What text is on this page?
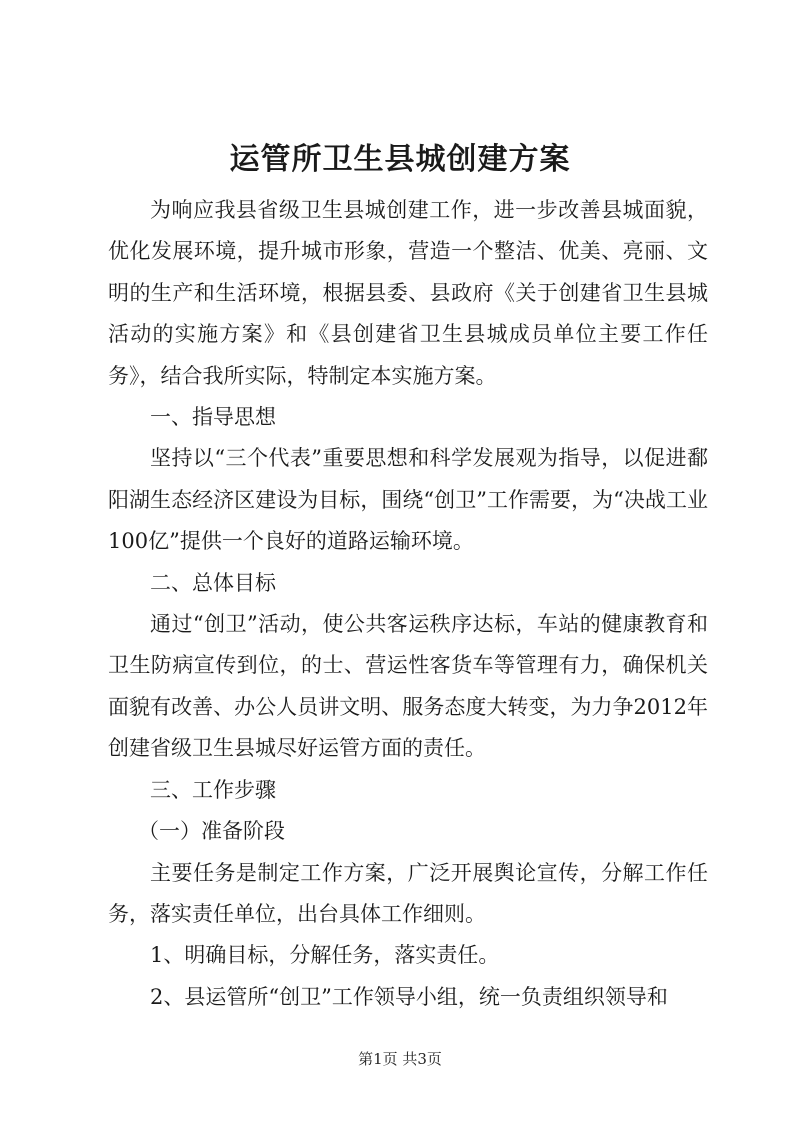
运管所卫生县城创建方案

为响应我县省级卫生县城创建工作，进一步改善县城面貌，优化发展环境，提升城市形象，营造一个整洁、优美、亮丽、文明的生产和生活环境，根据县委、县政府《关于创建省卫生县城活动的实施方案》和《县创建省卫生县城成员单位主要工作任务》，结合我所实际，特制定本实施方案。

一、指导思想

坚持以“三个代表”重要思想和科学发展观为指导，以促进鄱阳湖生态经济区建设为目标，围绕“创卫”工作需要，为“决战工业100亿”提供一个良好的道路运输环境。

二、总体目标

通过“创卫”活动，使公共客运秩序达标，车站的健康教育和卫生防病宣传到位，的士、营运性客货车等管理有力，确保机关面貌有改善、办公人员讲文明、服务态度大转变，为力争2012年创建省级卫生县城尽好运管方面的责任。

三、工作步骤

（一）准备阶段

主要任务是制定工作方案，广泛开展舆论宣传，分解工作任务，落实责任单位，出台具体工作细则。

1、明确目标，分解任务，落实责任。

2、县运管所“创卫”工作领导小组，统一负责组织领导和

第1页 共3页
